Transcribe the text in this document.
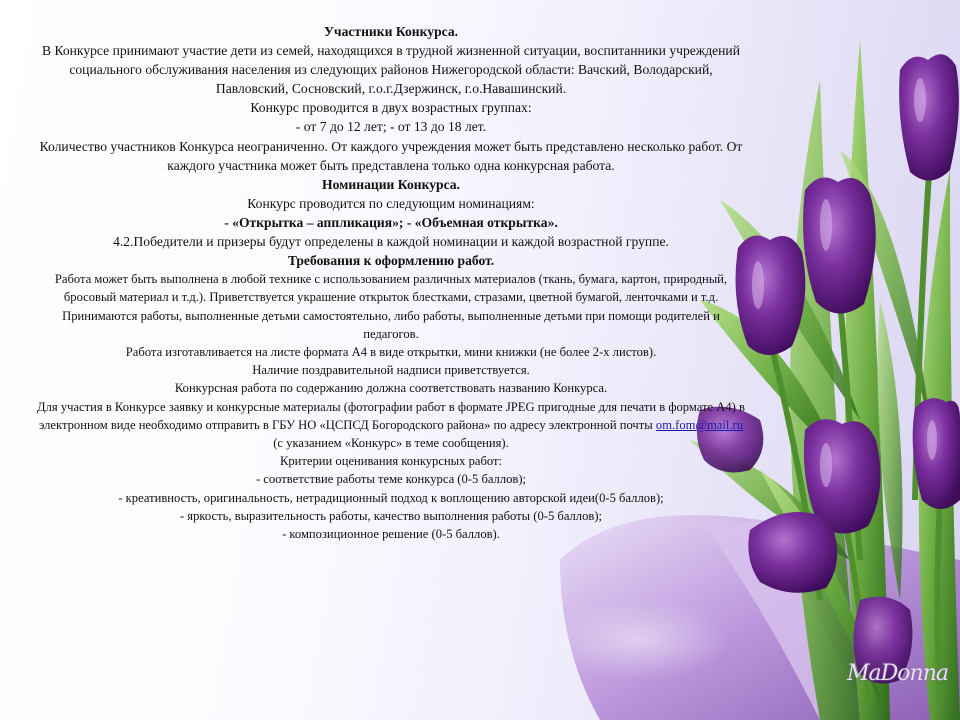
Участники Конкурса.

В Конкурсе принимают участие дети из семей, находящихся в трудной жизненной ситуации, воспитанники учреждений социального обслуживания населения из следующих районов Нижегородской области: Вачский, Володарский, Павловский, Сосновский, г.о.г.Дзержинск, г.о.Навашинский.

Конкурс проводится в двух возрастных группах:

- от 7 до 12 лет; - от 13 до 18 лет.

Количество участников Конкурса неограниченно. От каждого учреждения может быть представлено несколько работ. От каждого участника может быть представлена только одна конкурсная работа.

Номинации Конкурса.

Конкурс проводится по следующим номинациям:

- «Открытка – аппликация»; - «Объемная открытка».

4.2.Победители и призеры будут определены в каждой номинации и каждой возрастной группе.

Требования к оформлению работ.

Работа может быть выполнена в любой технике с использованием различных материалов (ткань, бумага, картон, природный, бросовый материал и т.д.). Приветствуется украшение открыток блестками, стразами, цветной бумагой, ленточками и т.д.

Принимаются работы, выполненные детьми самостоятельно, либо работы, выполненные детьми при помощи родителей и педагогов.

Работа изготавливается на листе формата А4 в виде открытки, мини книжки (не более 2-х листов).

Наличие поздравительной надписи приветствуется.

Конкурсная работа по содержанию должна соответствовать названию Конкурса.

Для участия в Конкурсе заявку и конкурсные материалы (фотографии работ в формате JPEG пригодные для печати в формате А4) в электронном виде необходимо отправить в ГБУ НО «ЦСПСД Богородского района» по адресу электронной почты om.fom@mail.ru (с указанием «Конкурс» в теме сообщения).

Критерии оценивания конкурсных работ:

- соответствие работы теме конкурса (0-5 баллов);

- креативность, оригинальность, нетрадиционный подход к воплощению авторской идеи(0-5 баллов);

- яркость, выразительность работы, качество выполнения работы (0-5 баллов);

- композиционное решение (0-5 баллов).

MaDonna
